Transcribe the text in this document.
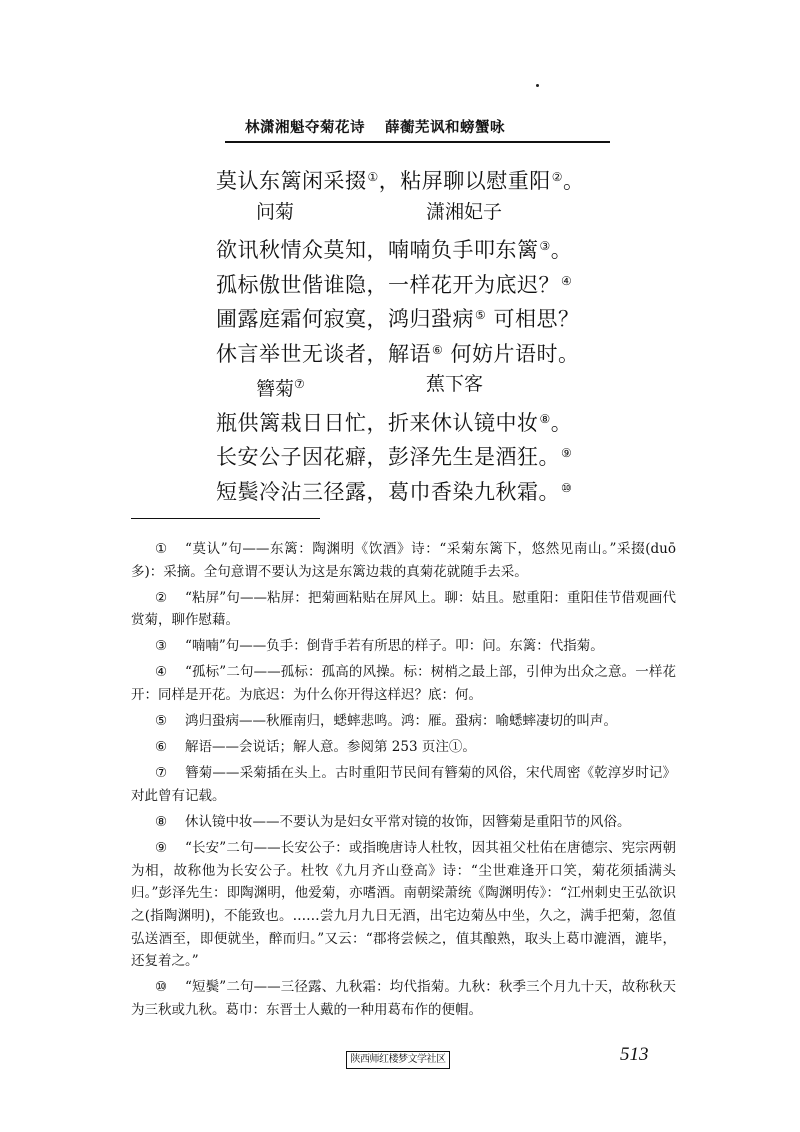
林潇湘魁夺菊花诗 薛蘅芜讽和螃蟹咏
莫认东篱闲采掇①，粘屏聊以慰重阳②。
问菊	潇湘妃子
欲讯秋情众莫知，喃喃负手叩东篱③。
孤标傲世偕谁隐，一样花开为底迟？④
圃露庭霜何寂寞，鸿归蛩病⑤ 可相思？
休言举世无谈者，解语⑥ 何妨片语时。
簪菊⑦	蕉下客
瓶供篱栽日日忙，折来休认镜中妆⑧。
长安公子因花癖，彭泽先生是酒狂。⑨
短鬓冷沾三径露，葛巾香染九秋霜。⑩

① “莫认”句——东篱：陶渊明《饮酒》诗：“采菊东篱下，悠然见南山。”采掇(duō 多)：采摘。全句意谓不要认为这是东篱边栽的真菊花就随手去采。

② “粘屏”句——粘屏：把菊画粘贴在屏风上。聊：姑且。慰重阳：重阳佳节借观画代赏菊，聊作慰藉。

③ “喃喃”句——负手：倒背手若有所思的样子。叩：问。东篱：代指菊。

④ “孤标”二句——孤标：孤高的风操。标：树梢之最上部，引伸为出众之意。一样花开：同样是开花。为底迟：为什么你开得这样迟？底：何。

⑤ 鸿归蛩病——秋雁南归，蟋蟀悲鸣。鸿：雁。蛩病：喻蟋蟀凄切的叫声。

⑥ 解语——会说话；解人意。参阅第 253 页注①。

⑦ 簪菊——采菊插在头上。古时重阳节民间有簪菊的风俗，宋代周密《乾淳岁时记》对此曾有记载。

⑧ 休认镜中妆——不要认为是妇女平常对镜的妆饰，因簪菊是重阳节的风俗。

⑨ “长安”二句——长安公子：或指晚唐诗人杜牧，因其祖父杜佑在唐德宗、宪宗两朝为相，故称他为长安公子。杜牧《九月齐山登高》诗：“尘世难逢开口笑，菊花须插满头归。”彭泽先生：即陶渊明，他爱菊，亦嗜酒。南朝梁萧统《陶渊明传》：“江州刺史王弘欲识之(指陶渊明)，不能致也。……尝九月九日无酒，出宅边菊丛中坐，久之，满手把菊，忽值弘送酒至，即便就坐，醉而归。”又云：“郡将尝候之，值其酿熟，取头上葛巾漉酒，漉毕，还复着之。”

⑩ “短鬓”二句——三径露、九秋霜：均代指菊。九秋：秋季三个月九十天，故称秋天为三秋或九秋。葛巾：东晋士人戴的一种用葛布作的便帽。

陕西师红楼梦文学社区	513
